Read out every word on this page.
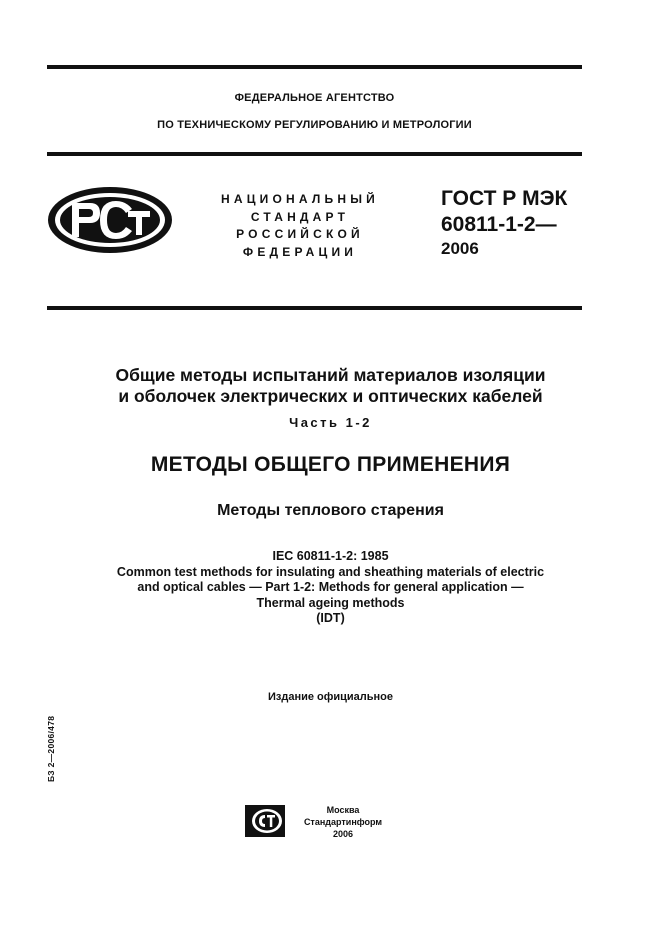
ФЕДЕРАЛЬНОЕ АГЕНТСТВО
ПО ТЕХНИЧЕСКОМУ РЕГУЛИРОВАНИЮ И МЕТРОЛОГИИ
НАЦИОНАЛЬНЫЙ
СТАНДАРТ
РОССИЙСКОЙ
ФЕДЕРАЦИИ
ГОСТ Р МЭК
60811-1-2—
2006
Общие методы испытаний материалов изоляции
и оболочек электрических и оптических кабелей
Часть 1-2
МЕТОДЫ ОБЩЕГО ПРИМЕНЕНИЯ
Методы теплового старения
IEC 60811-1-2: 1985
Common test methods for insulating and sheathing materials of electric
and optical cables — Part 1-2: Methods for general application —
Thermal ageing methods
(IDT)
Издание официальное
БЗ 2—2006/478
Москва
Стандартинформ
2006
